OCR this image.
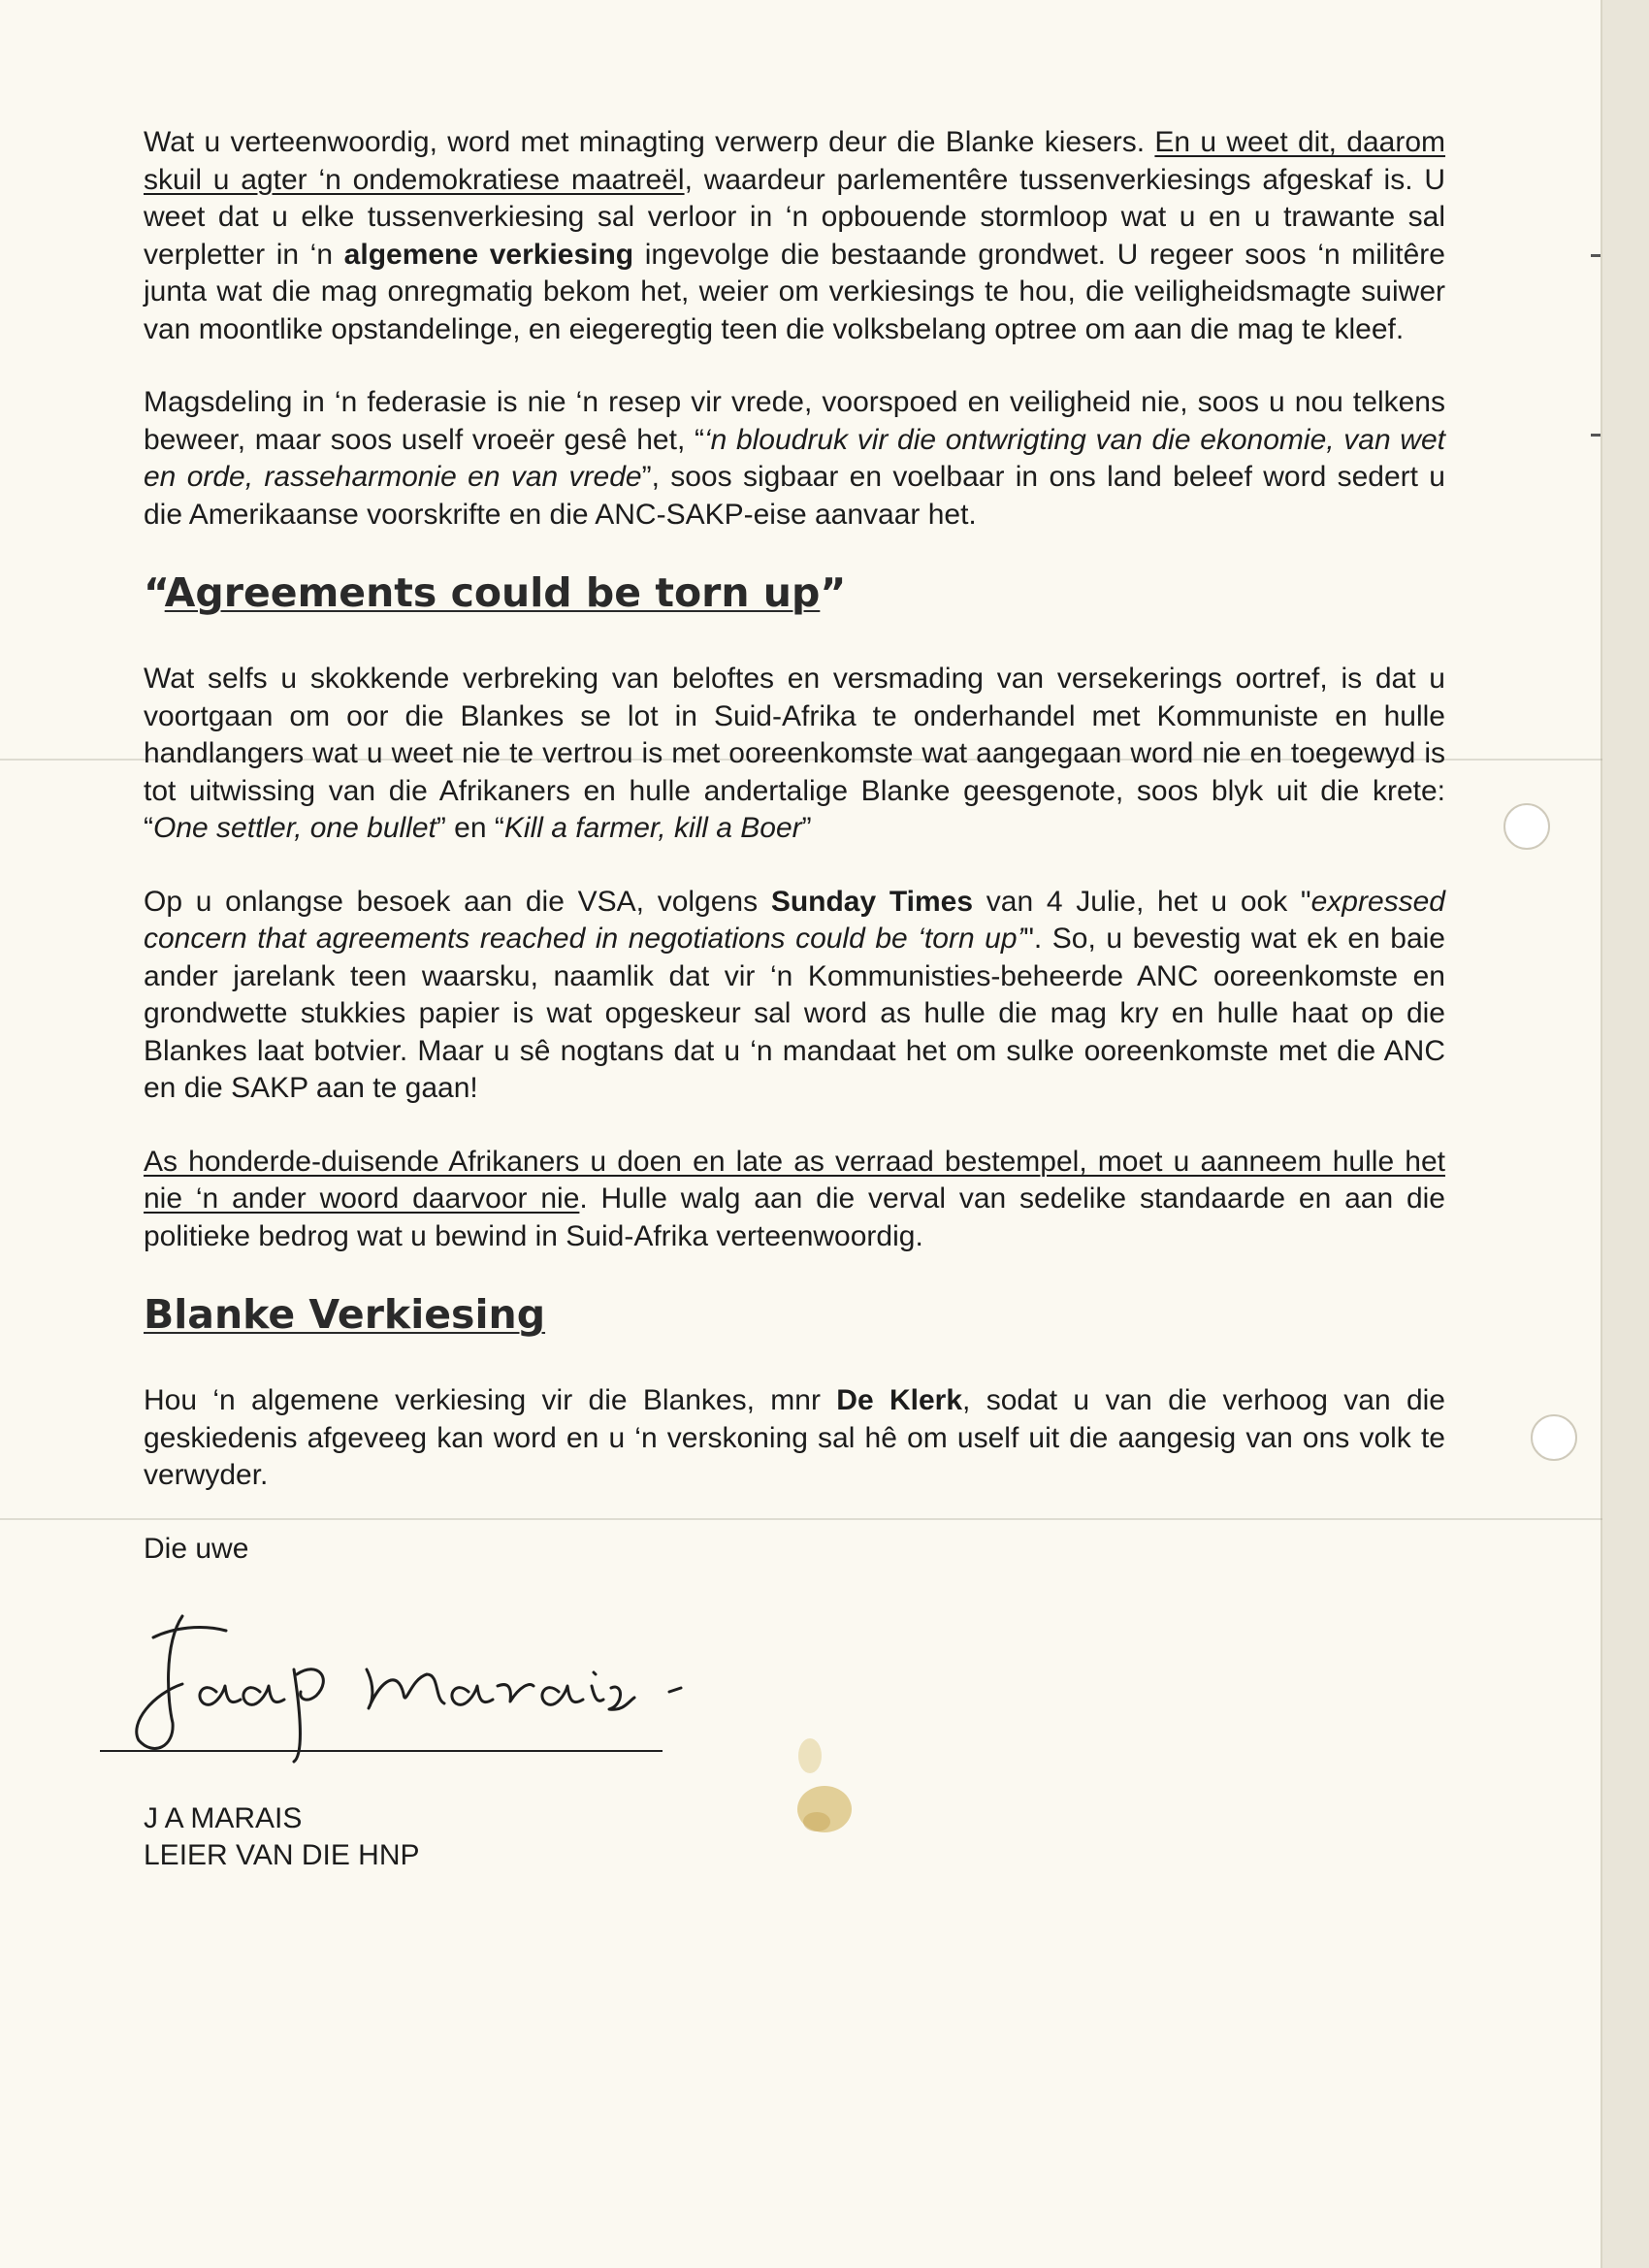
Wat u verteenwoordig, word met minagting verwerp deur die Blanke kiesers. En u weet dit, daarom skuil u agter ‘n ondemokratiese maatreël, waardeur parlementêre tussenverkiesings afgeskaf is. U weet dat u elke tussenverkiesing sal verloor in ‘n opbouende stormloop wat u en u trawante sal verpletter in ‘n algemene verkiesing ingevolge die bestaande grondwet. U regeer soos ‘n militêre junta wat die mag onregmatig bekom het, weier om verkiesings te hou, die veiligheidsmagte suiwer van moontlike opstandelinge, en eiegeregtig teen die volksbelang optree om aan die mag te kleef.

Magsdeling in ‘n federasie is nie ‘n resep vir vrede, voorspoed en veiligheid nie, soos u nou telkens beweer, maar soos uself vroeër gesê het, “‘n bloudruk vir die ontwrigting van die ekonomie, van wet en orde, rasseharmonie en van vrede”, soos sigbaar en voelbaar in ons land beleef word sedert u die Amerikaanse voorskrifte en die ANC-SAKP-eise aanvaar het.

“Agreements could be torn up”

Wat selfs u skokkende verbreking van beloftes en versmading van versekerings oortref, is dat u voortgaan om oor die Blankes se lot in Suid-Afrika te onderhandel met Kommuniste en hulle handlangers wat u weet nie te vertrou is met ooreenkomste wat aangegaan word nie en toegewyd is tot uitwissing van die Afrikaners en hulle andertalige Blanke geesgenote, soos blyk uit die krete: “One settler, one bullet” en “Kill a farmer, kill a Boer”

Op u onlangse besoek aan die VSA, volgens Sunday Times van 4 Julie, het u ook "expressed concern that agreements reached in negotiations could be ‘torn up’". So, u bevestig wat ek en baie ander jarelank teen waarsku, naamlik dat vir ‘n Kommunisties-beheerde ANC ooreenkomste en grondwette stukkies papier is wat opgeskeur sal word as hulle die mag kry en hulle haat op die Blankes laat botvier. Maar u sê nogtans dat u ‘n mandaat het om sulke ooreenkomste met die ANC en die SAKP aan te gaan!

As honderde-duisende Afrikaners u doen en late as verraad bestempel, moet u aanneem hulle het nie ‘n ander woord daarvoor nie. Hulle walg aan die verval van sedelike standaarde en aan die politieke bedrog wat u bewind in Suid-Afrika verteenwoordig.

Blanke Verkiesing

Hou ‘n algemene verkiesing vir die Blankes, mnr De Klerk, sodat u van die verhoog van die geskiedenis afgeveeg kan word en u ‘n verskoning sal hê om uself uit die aangesig van ons volk te verwyder.

Die uwe

J A MARAIS

LEIER VAN DIE HNP
